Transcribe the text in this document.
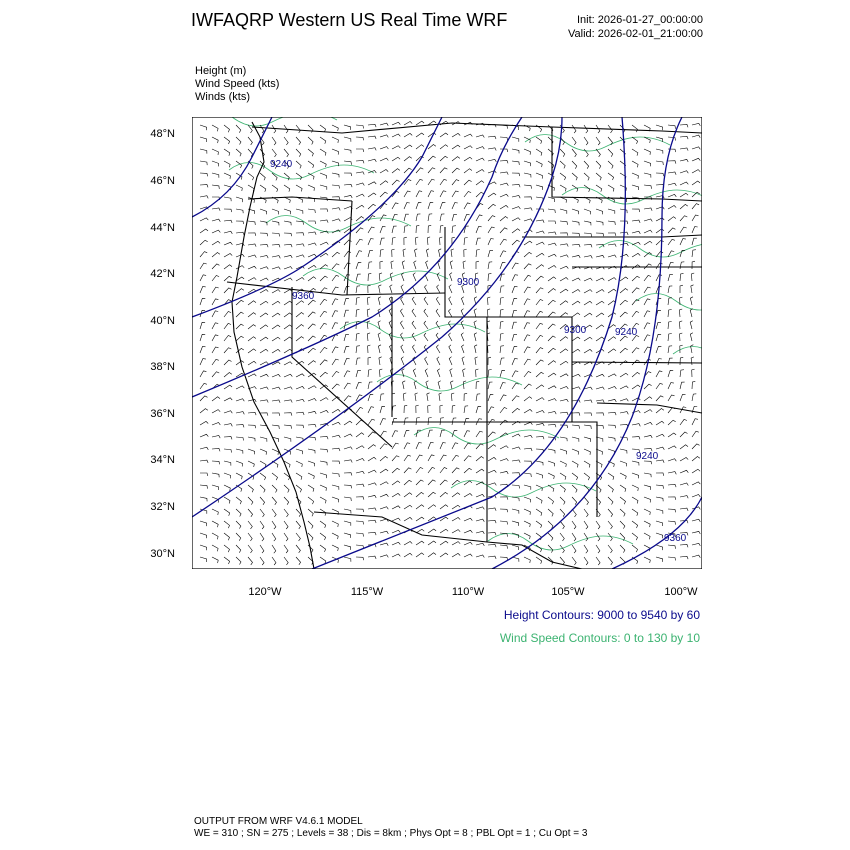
IWFAQRP Western US Real Time WRF	Init: 2026-01-27_00:00:00
Valid: 2026-02-01_21:00:00
Height (m)
Wind Speed (kts)
Winds (kts)
48°N
46°N
44°N
42°N
40°N
38°N
36°N
34°N
32°N
30°N
120°W	115°W	110°W	105°W	100°W
9240
9300
9360
9300	9240
9240
9360
Height Contours: 9000 to 9540 by 60
Wind Speed Contours: 0 to 130 by 10
OUTPUT FROM WRF V4.6.1 MODEL
WE = 310 ; SN = 275 ; Levels = 38 ; Dis = 8km ; Phys Opt = 8 ; PBL Opt = 1 ; Cu Opt = 3
